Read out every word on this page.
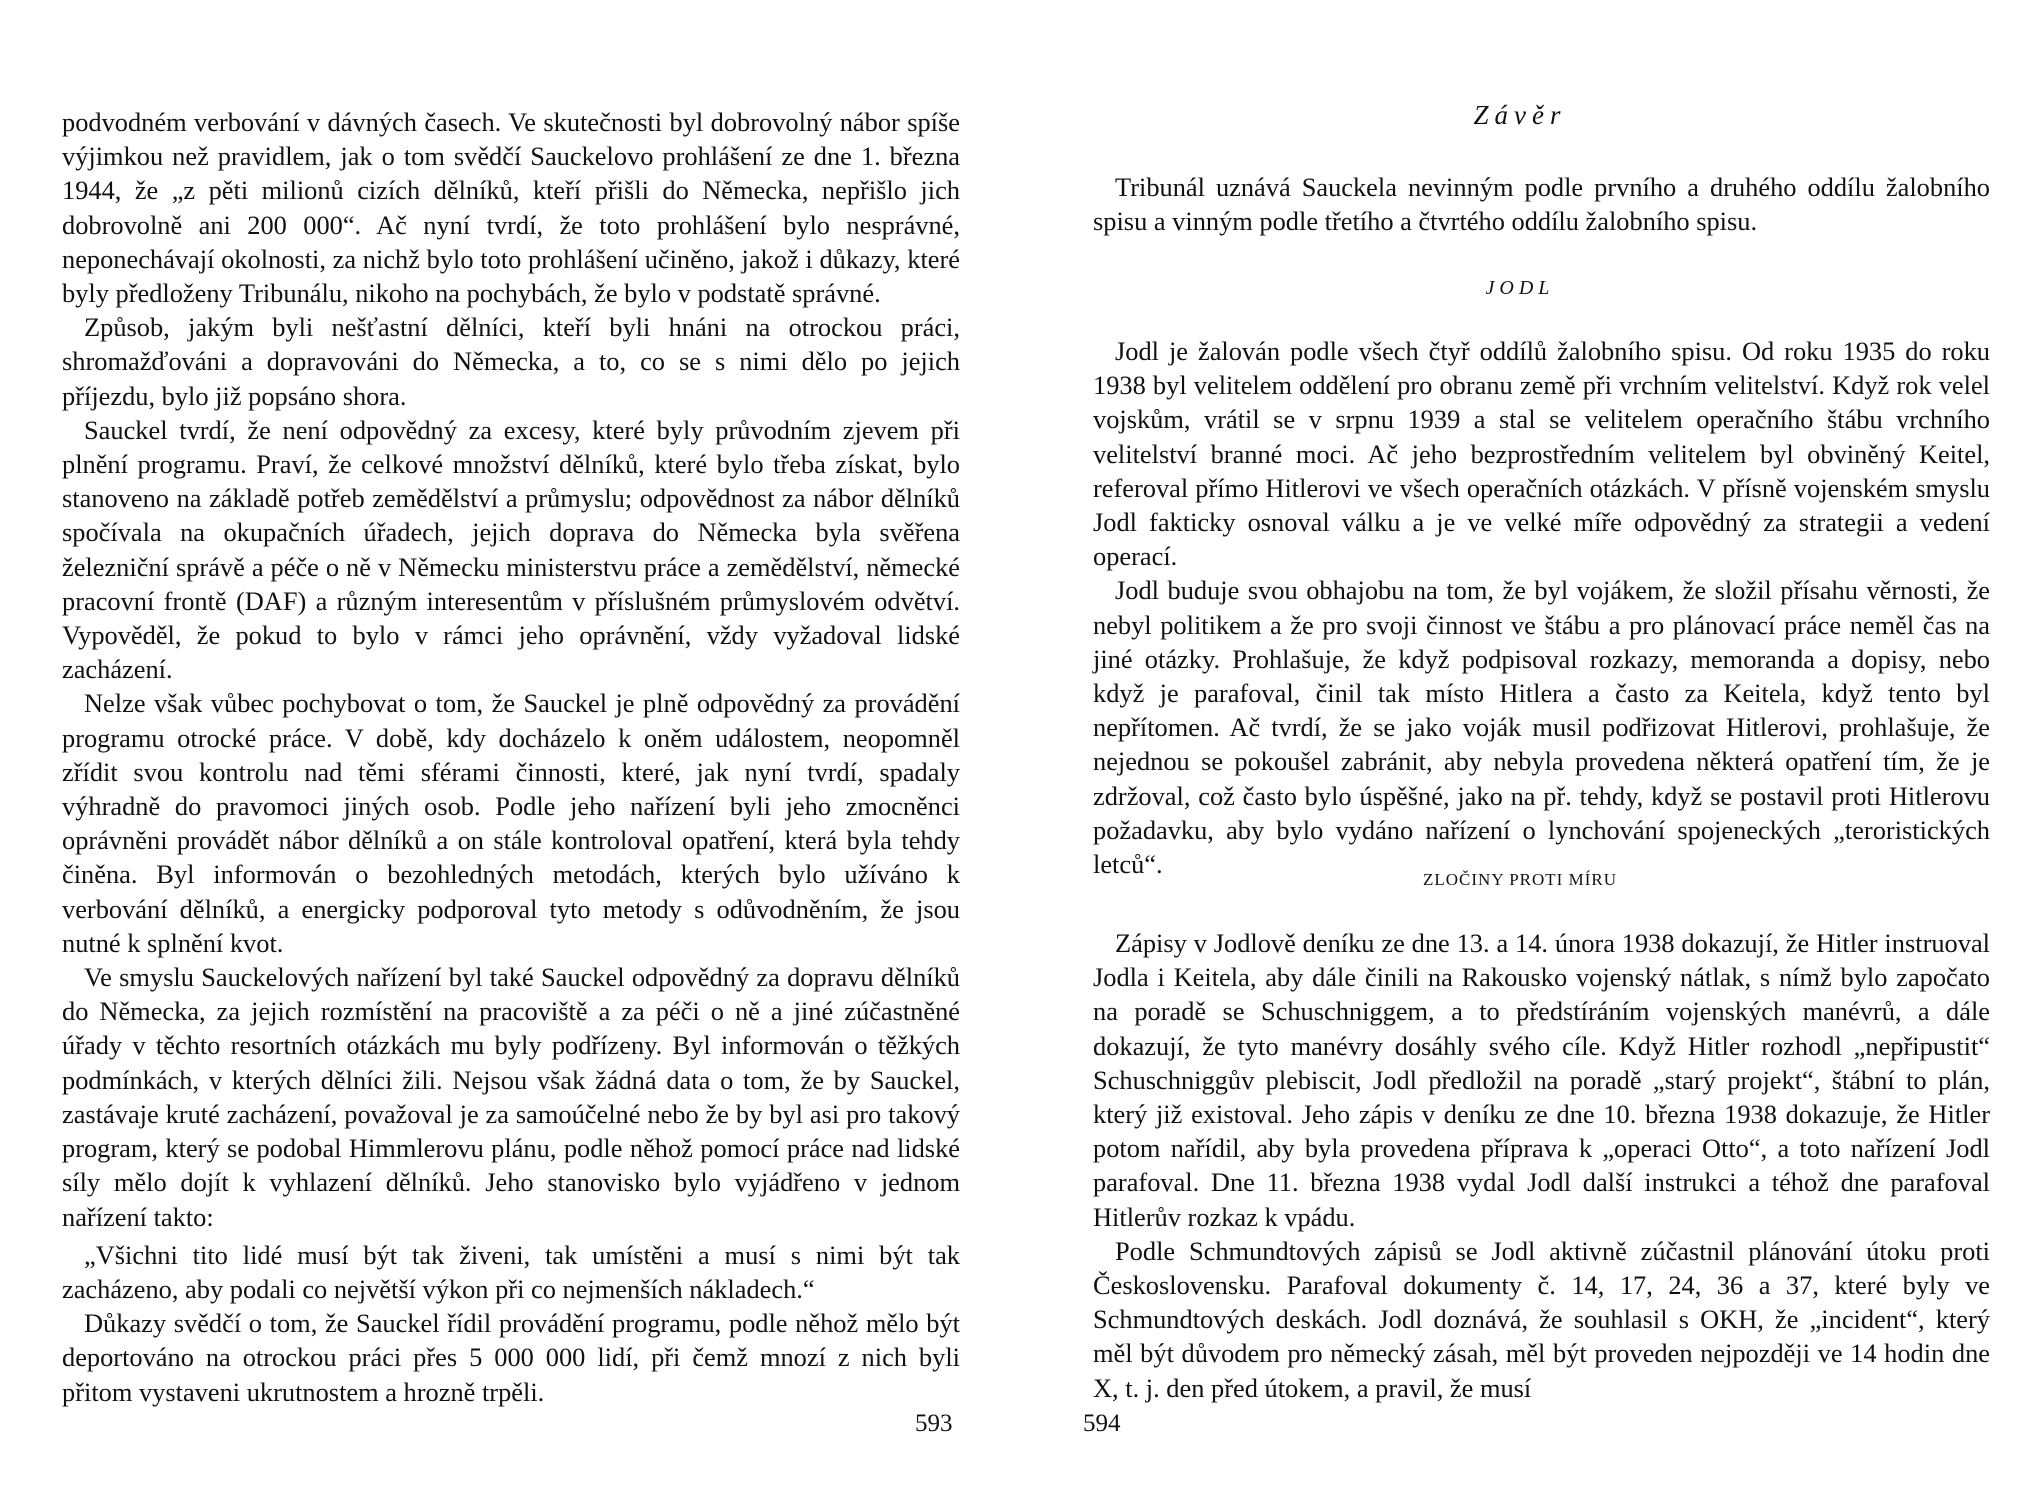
podvodném verbování v dávných časech. Ve skutečnosti byl dobrovolný nábor spíše výjimkou než pravidlem, jak o tom svědčí Sauckelovo prohlášení ze dne 1. března 1944, že „z pěti milionů cizích dělníků, kteří přišli do Německa, nepřišlo jich dobrovolně ani 200 000“. Ač nyní tvrdí, že toto prohlášení bylo nesprávné, neponechávají okolnosti, za nichž bylo toto prohlášení učiněno, jakož i důkazy, které byly předloženy Tribunálu, nikoho na pochybách, že bylo v podstatě správné.

Způsob, jakým byli nešťastní dělníci, kteří byli hnáni na otrockou práci, shromažďováni a dopravováni do Německa, a to, co se s nimi dělo po jejich příjezdu, bylo již popsáno shora.

Sauckel tvrdí, že není odpovědný za excesy, které byly průvodním zjevem při plnění programu. Praví, že celkové množství dělníků, které bylo třeba získat, bylo stanoveno na základě potřeb zemědělství a průmyslu; odpovědnost za nábor dělníků spočívala na okupačních úřadech, jejich doprava do Německa byla svěřena železniční správě a péče o ně v Německu ministerstvu práce a zemědělství, německé pracovní frontě (DAF) a různým interesentům v příslušném průmyslovém odvětví. Vypověděl, že pokud to bylo v rámci jeho oprávnění, vždy vyžadoval lidské zacházení.

Nelze však vůbec pochybovat o tom, že Sauckel je plně odpovědný za provádění programu otrocké práce. V době, kdy docházelo k oněm událostem, neopomněl zřídit svou kontrolu nad těmi sférami činnosti, které, jak nyní tvrdí, spadaly výhradně do pravomoci jiných osob. Podle jeho nařízení byli jeho zmocněnci oprávněni provádět nábor dělníků a on stále kontroloval opatření, která byla tehdy činěna. Byl informován o bezohledných metodách, kterých bylo užíváno k verbování dělníků, a energicky podporoval tyto metody s odůvodněním, že jsou nutné k splnění kvot.

Ve smyslu Sauckelových nařízení byl také Sauckel odpovědný za dopravu dělníků do Německa, za jejich rozmístění na pracoviště a za péči o ně a jiné zúčastněné úřady v těchto resortních otázkách mu byly podřízeny. Byl informován o těžkých podmínkách, v kterých dělníci žili. Nejsou však žádná data o tom, že by Sauckel, zastávaje kruté zacházení, považoval je za samoúčelné nebo že by byl asi pro takový program, který se podobal Himmlerovu plánu, podle něhož pomocí práce nad lidské síly mělo dojít k vyhlazení dělníků. Jeho stanovisko bylo vyjádřeno v jednom nařízení takto:

„Všichni tito lidé musí být tak živeni, tak umístěni a musí s nimi být tak zacházeno, aby podali co největší výkon při co nejmenších nákladech.“

Důkazy svědčí o tom, že Sauckel řídil provádění programu, podle něhož mělo být deportováno na otrockou práci přes 5 000 000 lidí, při čemž mnozí z nich byli přitom vystaveni ukrutnostem a hrozně trpěli.

593
Závěr

Tribunál uznává Sauckela nevinným podle prvního a druhého oddílu žalobního spisu a vinným podle třetího a čtvrtého oddílu žalobního spisu.

JODL

Jodl je žalován podle všech čtyř oddílů žalobního spisu. Od roku 1935 do roku 1938 byl velitelem oddělení pro obranu země při vrchním velitelství. Když rok velel vojskům, vrátil se v srpnu 1939 a stal se velitelem operačního štábu vrchního velitelství branné moci. Ač jeho bezprostředním velitelem byl obviněný Keitel, referoval přímo Hitlerovi ve všech operačních otázkách. V přísně vojenském smyslu Jodl fakticky osnoval válku a je ve velké míře odpovědný za strategii a vedení operací.

Jodl buduje svou obhajobu na tom, že byl vojákem, že složil přísahu věrnosti, že nebyl politikem a že pro svoji činnost ve štábu a pro plánovací práce neměl čas na jiné otázky. Prohlašuje, že když podpisoval rozkazy, memoranda a dopisy, nebo když je parafoval, činil tak místo Hitlera a často za Keitela, když tento byl nepřítomen. Ač tvrdí, že se jako voják musil podřizovat Hitlerovi, prohlašuje, že nejednou se pokoušel zabránit, aby nebyla provedena některá opatření tím, že je zdržoval, což často bylo úspěšné, jako na př. tehdy, když se postavil proti Hitlerovu požadavku, aby bylo vydáno nařízení o lynchování spojeneckých „teroristických letců“.

ZLOČINY PROTI MÍRU

Zápisy v Jodlově deníku ze dne 13. a 14. února 1938 dokazují, že Hitler instruoval Jodla i Keitela, aby dále činili na Rakousko vojenský nátlak, s nímž bylo započato na poradě se Schuschniggem, a to předstíráním vojenských manévrů, a dále dokazují, že tyto manévry dosáhly svého cíle. Když Hitler rozhodl „nepřipustit“ Schuschniggův plebiscit, Jodl předložil na poradě „starý projekt“, štábní to plán, který již existoval. Jeho zápis v deníku ze dne 10. března 1938 dokazuje, že Hitler potom nařídil, aby byla provedena příprava k „operaci Otto“, a toto nařízení Jodl parafoval. Dne 11. března 1938 vydal Jodl další instrukci a téhož dne parafoval Hitlerův rozkaz k vpádu.

Podle Schmundtových zápisů se Jodl aktivně zúčastnil plánování útoku proti Československu. Parafoval dokumenty č. 14, 17, 24, 36 a 37, které byly ve Schmundtových deskách. Jodl doznává, že souhlasil s OKH, že „incident“, který měl být důvodem pro německý zásah, měl být proveden nejpozději ve 14 hodin dne X, t. j. den před útokem, a pravil, že musí

594
